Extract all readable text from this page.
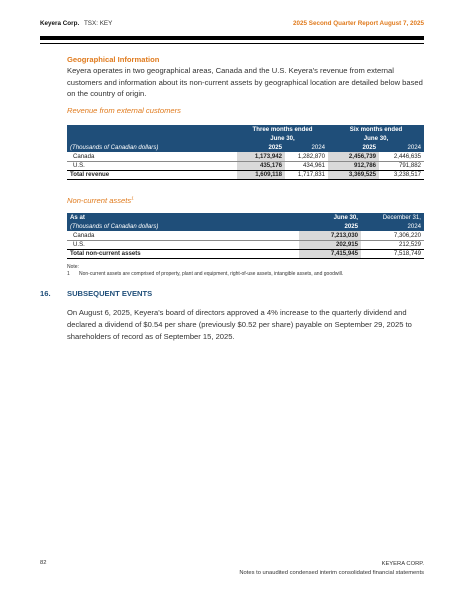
Keyera Corp. TSX: KEY	2025 Second Quarter Report August 7, 2025
Geographical Information
Keyera operates in two geographical areas, Canada and the U.S. Keyera's revenue from external customers and information about its non-current assets by geographical location are detailed below based on the country of origin.
Revenue from external customers
	Three months ended		Six months ended	
	June 30,		June 30,	
(Thousands of Canadian dollars)	2025	2024	2025	2024
Canada	1,173,942	1,282,870	2,456,739	2,446,635
U.S.	435,176	434,961	912,786	791,882
Total revenue	1,609,118	1,717,831	3,369,525	3,238,517
Non-current assets$^1$
As at	June 30,	December 31,
(Thousands of Canadian dollars)	2025	2024
Canada	7,213,030	7,306,220
U.S.	202,915	212,529
Total non-current assets	7,415,945	7,518,749
Note:
1 Non-current assets are comprised of property, plant and equipment, right-of-use assets, intangible assets, and goodwill.
16. SUBSEQUENT EVENTS
On August 6, 2025, Keyera's board of directors approved a 4% increase to the quarterly dividend and declared a dividend of $0.54 per share (previously $0.52 per share) payable on September 29, 2025 to shareholders of record as of September 15, 2025.
82	KEYERA CORP.
Notes to unaudited condensed interim consolidated financial statements
